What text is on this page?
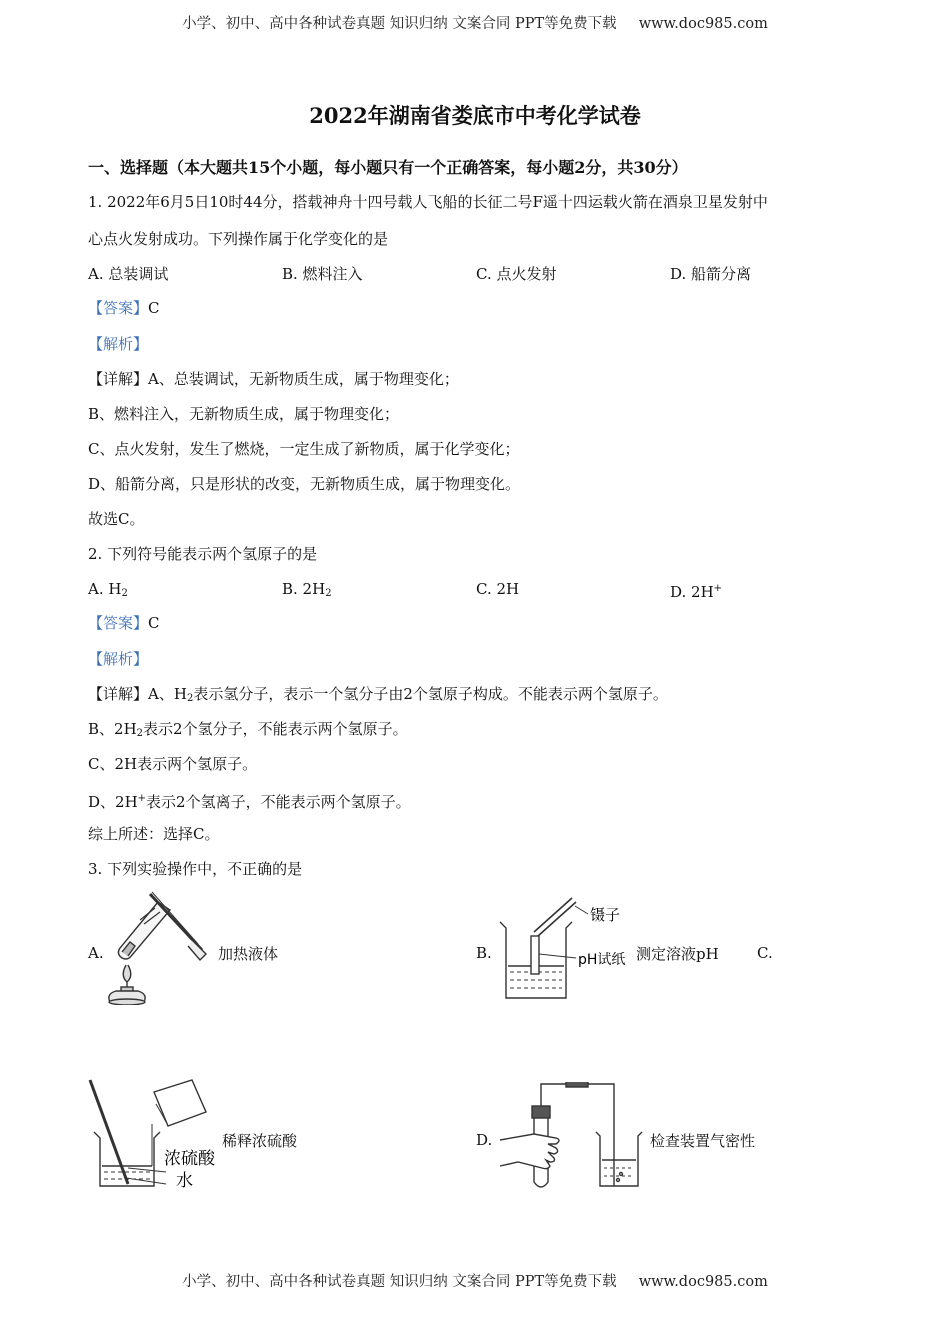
小学、初中、高中各种试卷真题 知识归纳 文案合同 PPT等免费下载 www.doc985.com
2022年湖南省娄底市中考化学试卷
一、选择题（本大题共15个小题，每小题只有一个正确答案，每小题2分，共30分）
1. 2022年6月5日10时44分，搭载神舟十四号载人飞船的长征二号F遥十四运载火箭在酒泉卫星发射中
心点火发射成功。下列操作属于化学变化的是
A. 总装调试	B. 燃料注入	C. 点火发射	D. 船箭分离
【答案】C
【解析】
【详解】A、总装调试，无新物质生成，属于物理变化；
B、燃料注入，无新物质生成，属于物理变化；
C、点火发射，发生了燃烧，一定生成了新物质，属于化学变化；
D、船箭分离，只是形状的改变，无新物质生成，属于物理变化。
故选C。
2. 下列符号能表示两个氢原子的是
A. $H_2$	B. $2H_2$	C. 2H	D. 2H+
【答案】C
【解析】
【详解】A、$H_2$表示氢分子，表示一个氢分子由2个氢原子构成。不能表示两个氢原子。
B、$2H_2$表示2个氢分子，不能表示两个氢原子。
C、2H表示两个氢原子。
D、2H+表示2个氢离子，不能表示两个氢原子。
综上所述：选择C。
3. 下列实验操作中，不正确的是
A.	加热液体	B.
镊子
pH试纸 测定溶液pH	C.
浓硫酸
水
稀释浓硫酸	D.	检查装置气密性
小学、初中、高中各种试卷真题 知识归纳 文案合同 PPT等免费下载 www.doc985.com
